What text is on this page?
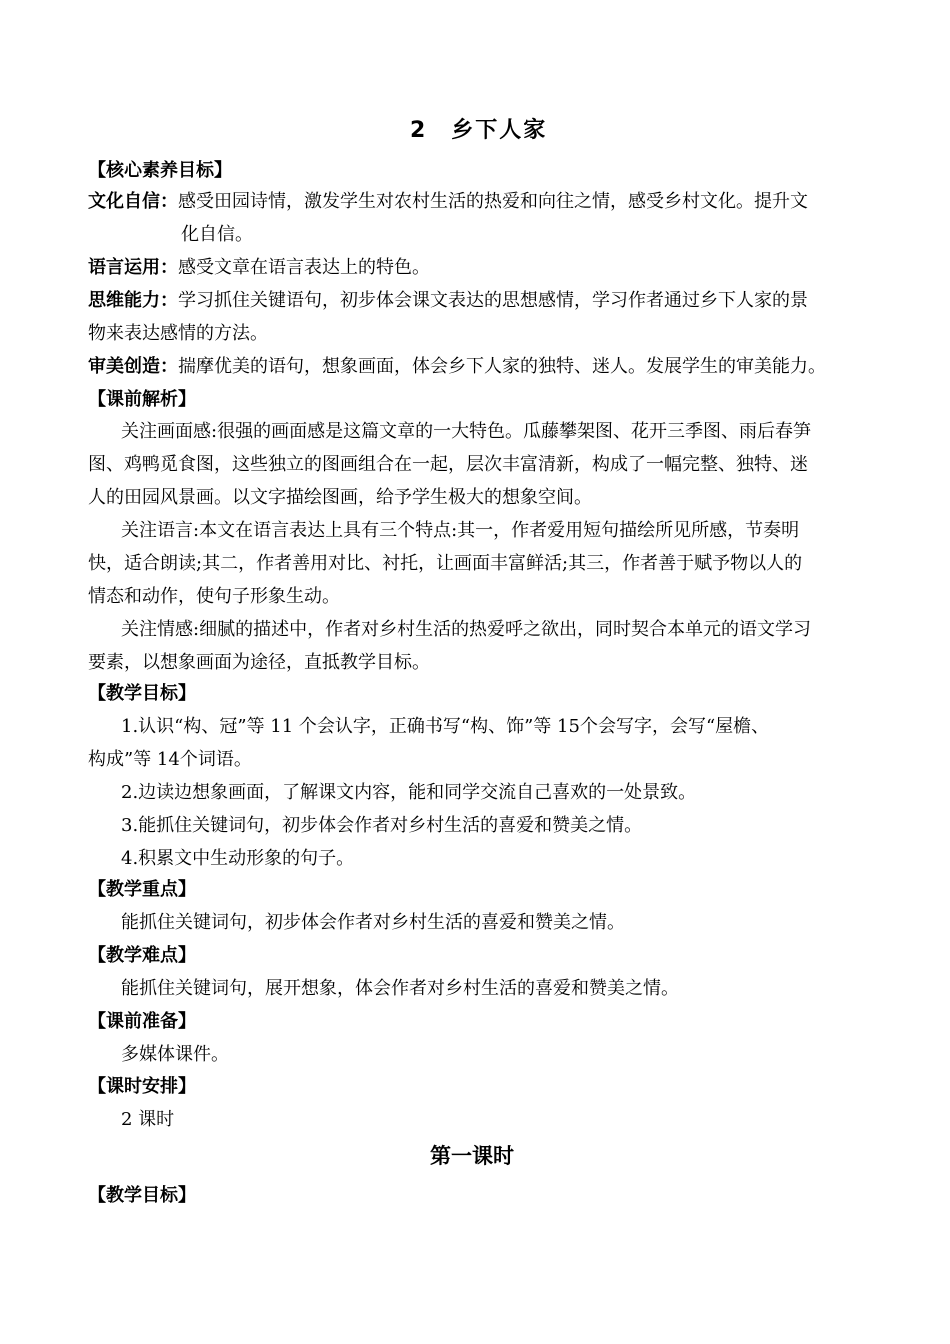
2　乡下人家
【核心素养目标】
文化自信：感受田园诗情，激发学生对农村生活的热爱和向往之情，感受乡村文化。提升文
化自信。
语言运用：感受文章在语言表达上的特色。
思维能力：学习抓住关键语句，初步体会课文表达的思想感情，学习作者通过乡下人家的景
物来表达感情的方法。
审美创造：揣摩优美的语句，想象画面，体会乡下人家的独特、迷人。发展学生的审美能力。
【课前解析】
关注画面感:很强的画面感是这篇文章的一大特色。瓜藤攀架图、花开三季图、雨后春笋
图、鸡鸭觅食图，这些独立的图画组合在一起，层次丰富清新，构成了一幅完整、独特、迷
人的田园风景画。以文字描绘图画，给予学生极大的想象空间。
关注语言:本文在语言表达上具有三个特点:其一，作者爱用短句描绘所见所感，节奏明
快，适合朗读;其二，作者善用对比、衬托，让画面丰富鲜活;其三，作者善于赋予物以人的
情态和动作，使句子形象生动。
关注情感:细腻的描述中，作者对乡村生活的热爱呼之欲出，同时契合本单元的语文学习
要素，以想象画面为途径，直抵教学目标。
【教学目标】
1.认识“构、冠”等 11 个会认字，正确书写“构、饰”等 15个会写字，会写“屋檐、
构成”等 14个词语。
2.边读边想象画面，了解课文内容，能和同学交流自己喜欢的一处景致。
3.能抓住关键词句，初步体会作者对乡村生活的喜爱和赞美之情。
4.积累文中生动形象的句子。
【教学重点】
能抓住关键词句，初步体会作者对乡村生活的喜爱和赞美之情。
【教学难点】
能抓住关键词句，展开想象，体会作者对乡村生活的喜爱和赞美之情。
【课前准备】
多媒体课件。
【课时安排】
2 课时
第一课时
【教学目标】
